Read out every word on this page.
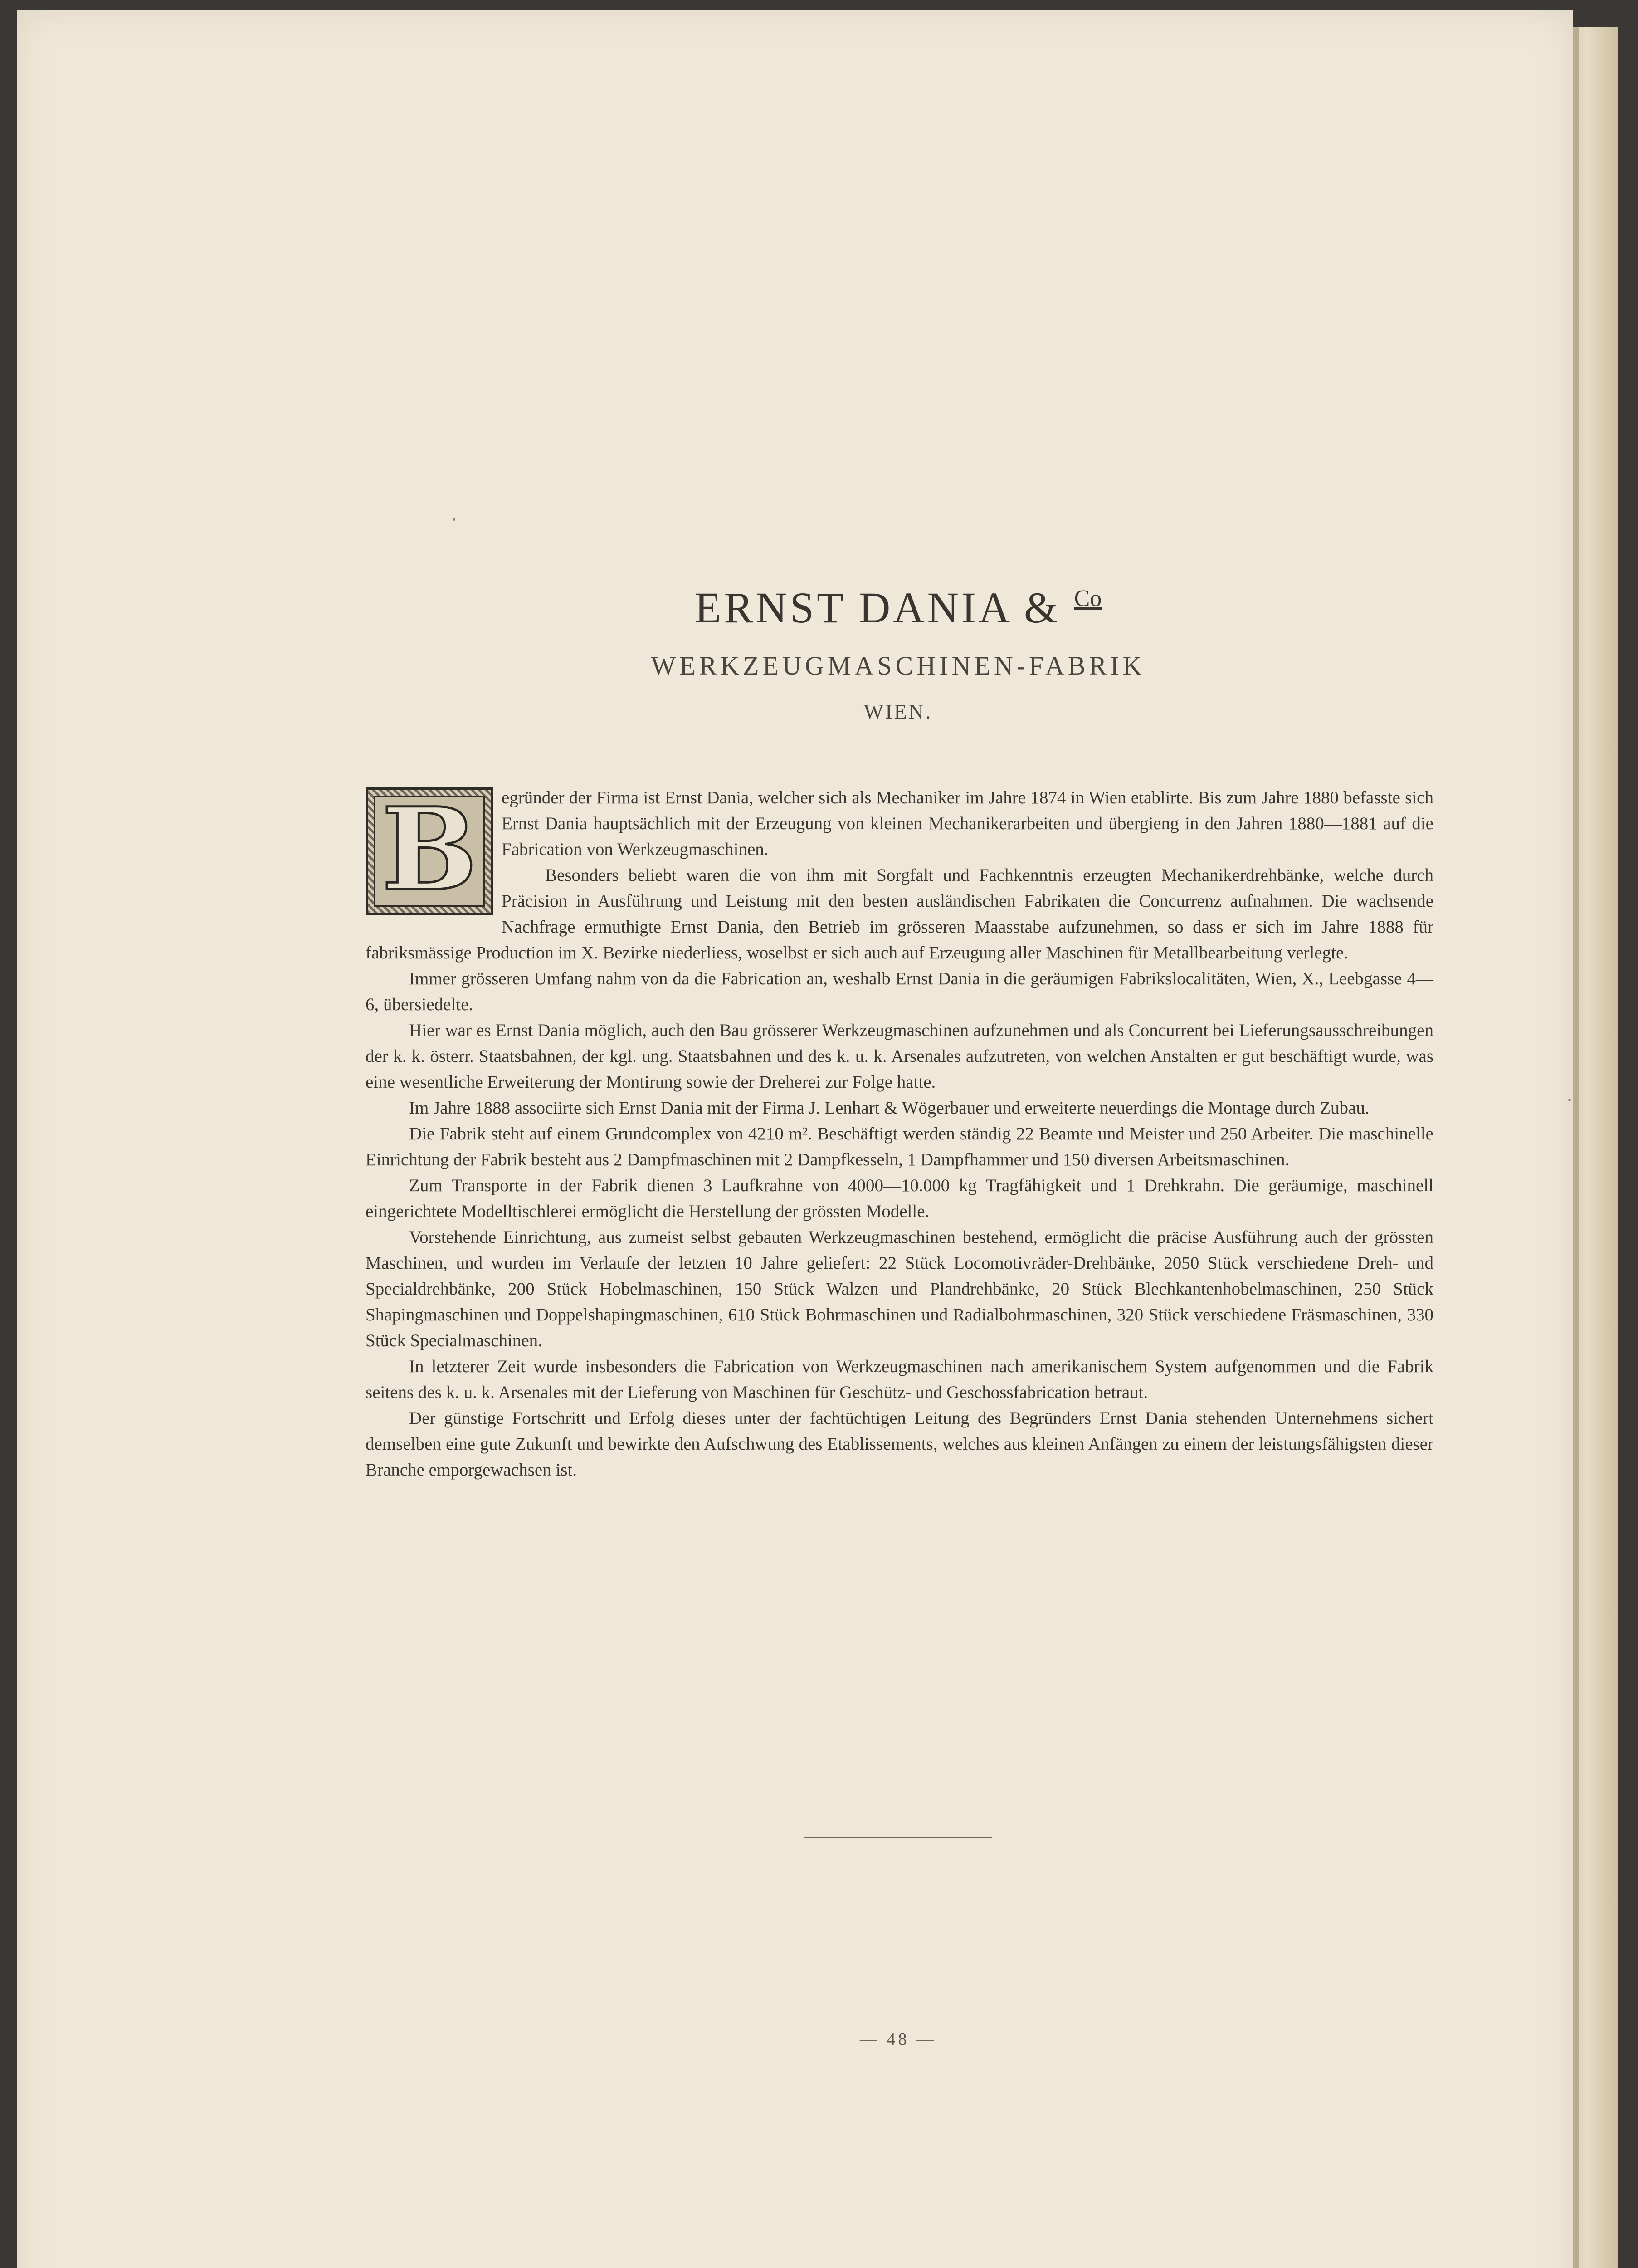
ERNST DANIA & $^{Co}$
WERKZEUGMASCHINEN-FABRIK
WIEN.
B	egründer der Firma ist Ernst Dania, welcher sich als Mechaniker im Jahre 1874 in Wien etablirte. Bis zum Jahre 1880 befasste sich Ernst Dania hauptsächlich mit der Erzeugung von kleinen Mechanikerarbeiten und übergieng in den Jahren 1880—1881 auf die Fabrication von Werkzeugmaschinen.

Besonders beliebt waren die von ihm mit Sorgfalt und Fachkenntnis erzeugten Mechanikerdrehbänke, welche durch Präcision in Ausführung und Leistung mit den besten ausländischen Fabrikaten die Concurrenz aufnahmen. Die wachsende Nachfrage ermuthigte Ernst Dania, den Betrieb im grösseren Maasstabe aufzunehmen, so dass er sich im Jahre 1888 für fabriksmässige Production im X. Bezirke niederliess, woselbst er sich auch auf Erzeugung aller Maschinen für Metallbearbeitung verlegte.

Immer grösseren Umfang nahm von da die Fabrication an, weshalb Ernst Dania in die geräumigen Fabrikslocalitäten, Wien, X., Leebgasse 4—6, übersiedelte.

Hier war es Ernst Dania möglich, auch den Bau grösserer Werkzeugmaschinen aufzunehmen und als Concurrent bei Lieferungsausschreibungen der k. k. österr. Staatsbahnen, der kgl. ung. Staatsbahnen und des k. u. k. Arsenales aufzutreten, von welchen Anstalten er gut beschäftigt wurde, was eine wesentliche Erweiterung der Montirung sowie der Dreherei zur Folge hatte.

Im Jahre 1888 associirte sich Ernst Dania mit der Firma J. Lenhart & Wögerbauer und erweiterte neuerdings die Montage durch Zubau.

Die Fabrik steht auf einem Grundcomplex von 4210 m². Beschäftigt werden ständig 22 Beamte und Meister und 250 Arbeiter. Die maschinelle Einrichtung der Fabrik besteht aus 2 Dampfmaschinen mit 2 Dampfkesseln, 1 Dampfhammer und 150 diversen Arbeitsmaschinen.

Zum Transporte in der Fabrik dienen 3 Laufkrahne von 4000—10.000 kg Tragfähigkeit und 1 Drehkrahn. Die geräumige, maschinell eingerichtete Modelltischlerei ermöglicht die Herstellung der grössten Modelle.

Vorstehende Einrichtung, aus zumeist selbst gebauten Werkzeugmaschinen bestehend, ermöglicht die präcise Ausführung auch der grössten Maschinen, und wurden im Verlaufe der letzten 10 Jahre geliefert: 22 Stück Locomotivräder-Drehbänke, 2050 Stück verschiedene Dreh- und Specialdrehbänke, 200 Stück Hobelmaschinen, 150 Stück Walzen und Plandrehbänke, 20 Stück Blechkantenhobelmaschinen, 250 Stück Shapingmaschinen und Doppelshapingmaschinen, 610 Stück Bohrmaschinen und Radialbohrmaschinen, 320 Stück verschiedene Fräsmaschinen, 330 Stück Specialmaschinen.

In letzterer Zeit wurde insbesonders die Fabrication von Werkzeugmaschinen nach amerikanischem System aufgenommen und die Fabrik seitens des k. u. k. Arsenales mit der Lieferung von Maschinen für Geschütz- und Geschossfabrication betraut.

Der günstige Fortschritt und Erfolg dieses unter der fachtüchtigen Leitung des Begründers Ernst Dania stehenden Unternehmens sichert demselben eine gute Zukunft und bewirkte den Aufschwung des Etablissements, welches aus kleinen Anfängen zu einem der leistungsfähigsten dieser Branche emporgewachsen ist.

— 48 —
